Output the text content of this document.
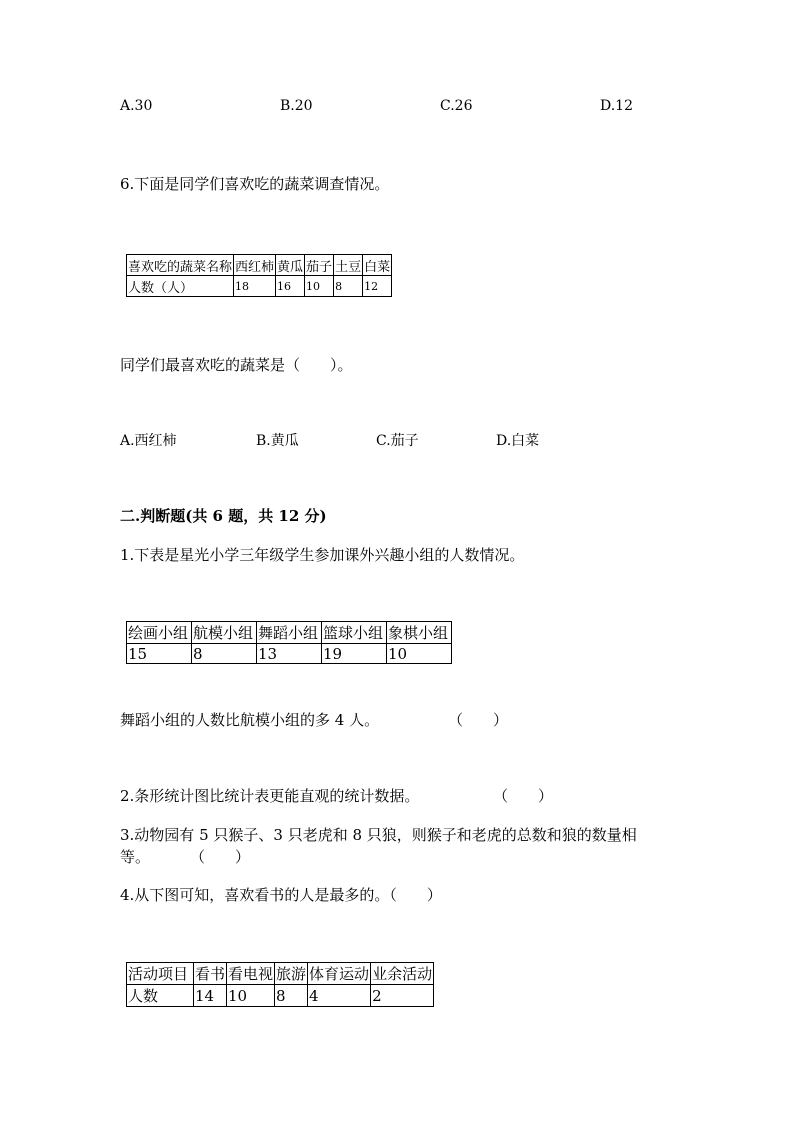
A.30	B.20	C.26	D.12
6.下面是同学们喜欢吃的蔬菜调查情况。
喜欢吃的蔬菜名称	西红柿	黄瓜	茄子	土豆	白菜
人数（人）	18	16	10	8	12
同学们最喜欢吃的蔬菜是（　　）。
A.西红柿	B.黄瓜	C.茄子	D.白菜
二.判断题(共 6 题，共 12 分)
1.下表是星光小学三年级学生参加课外兴趣小组的人数情况。
绘画小组	航模小组	舞蹈小组	篮球小组	象棋小组
15	8	13	19	10
舞蹈小组的人数比航模小组的多 4 人。	（　　）
2.条形统计图比统计表更能直观的统计数据。	（　　）
3.动物园有 5 只猴子、3 只老虎和 8 只狼，则猴子和老虎的总数和狼的数量相
等。	（　　）
4.从下图可知，喜欢看书的人是最多的。（　　）
活动项目	看书	看电视	旅游	体育运动	业余活动
人数	14	10	8	4	2
